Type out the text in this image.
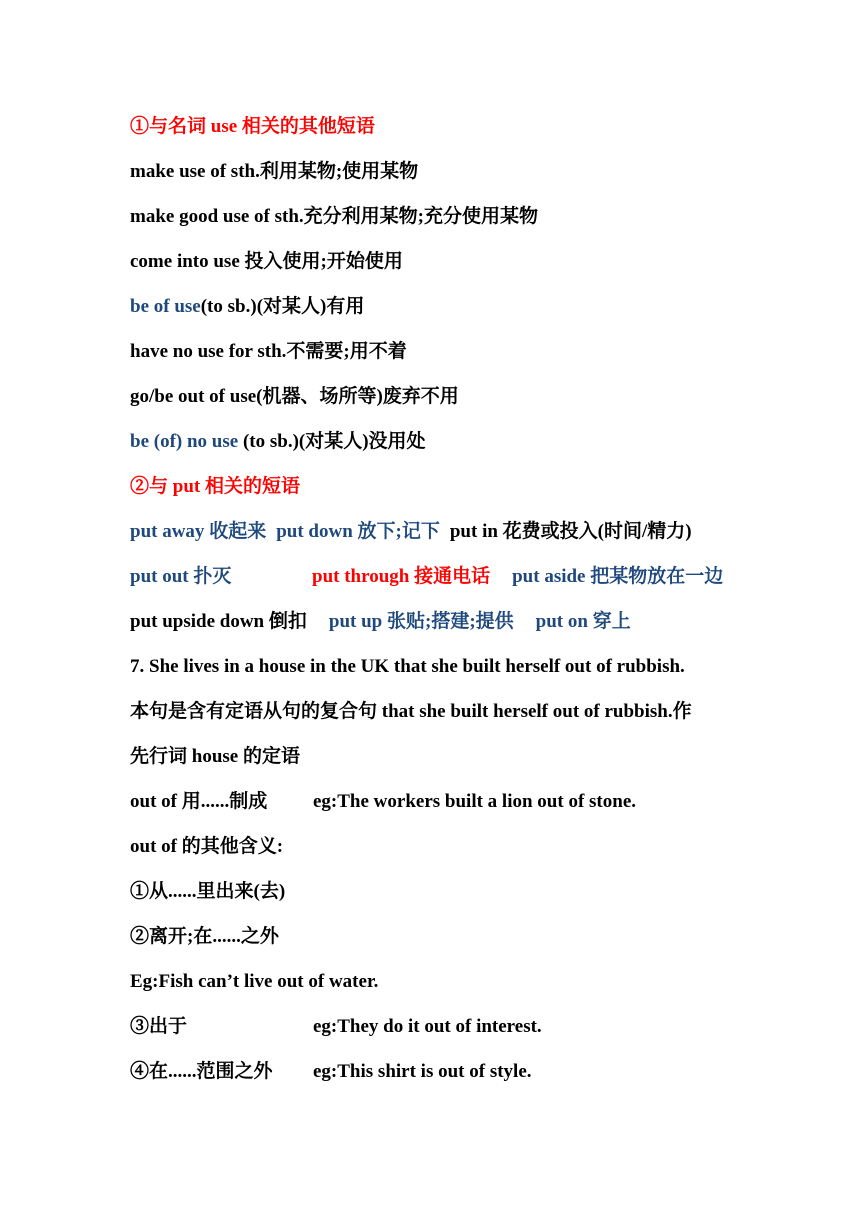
①与名词 use 相关的其他短语
make use of sth.利用某物;使用某物
make good use of sth.充分利用某物;充分使用某物
come into use 投入使用;开始使用
be of use(to sb.)(对某人)有用
have no use for sth.不需要;用不着
go/be out of use(机器、场所等)废弃不用
be (of) no use (to sb.)(对某人)没用处
②与 put 相关的短语
put away 收起来 put down 放下;记下 put in 花费或投入(时间/精力)
put out 扑灭	put through 接通电话 put aside 把某物放在一边
put upside down 倒扣 put up 张贴;搭建;提供 put on 穿上
7. She lives in a house in the UK that she built herself out of rubbish.
本句是含有定语从句的复合句 that she built herself out of rubbish.作
先行词 house 的定语
out of 用......制成 eg:The workers built a lion out of stone.
out of 的其他含义:
①从......里出来(去)
②离开;在......之外
Eg:Fish can’t live out of water.
③出于	eg:They do it out of interest.
④在......范围之外 eg:This shirt is out of style.
